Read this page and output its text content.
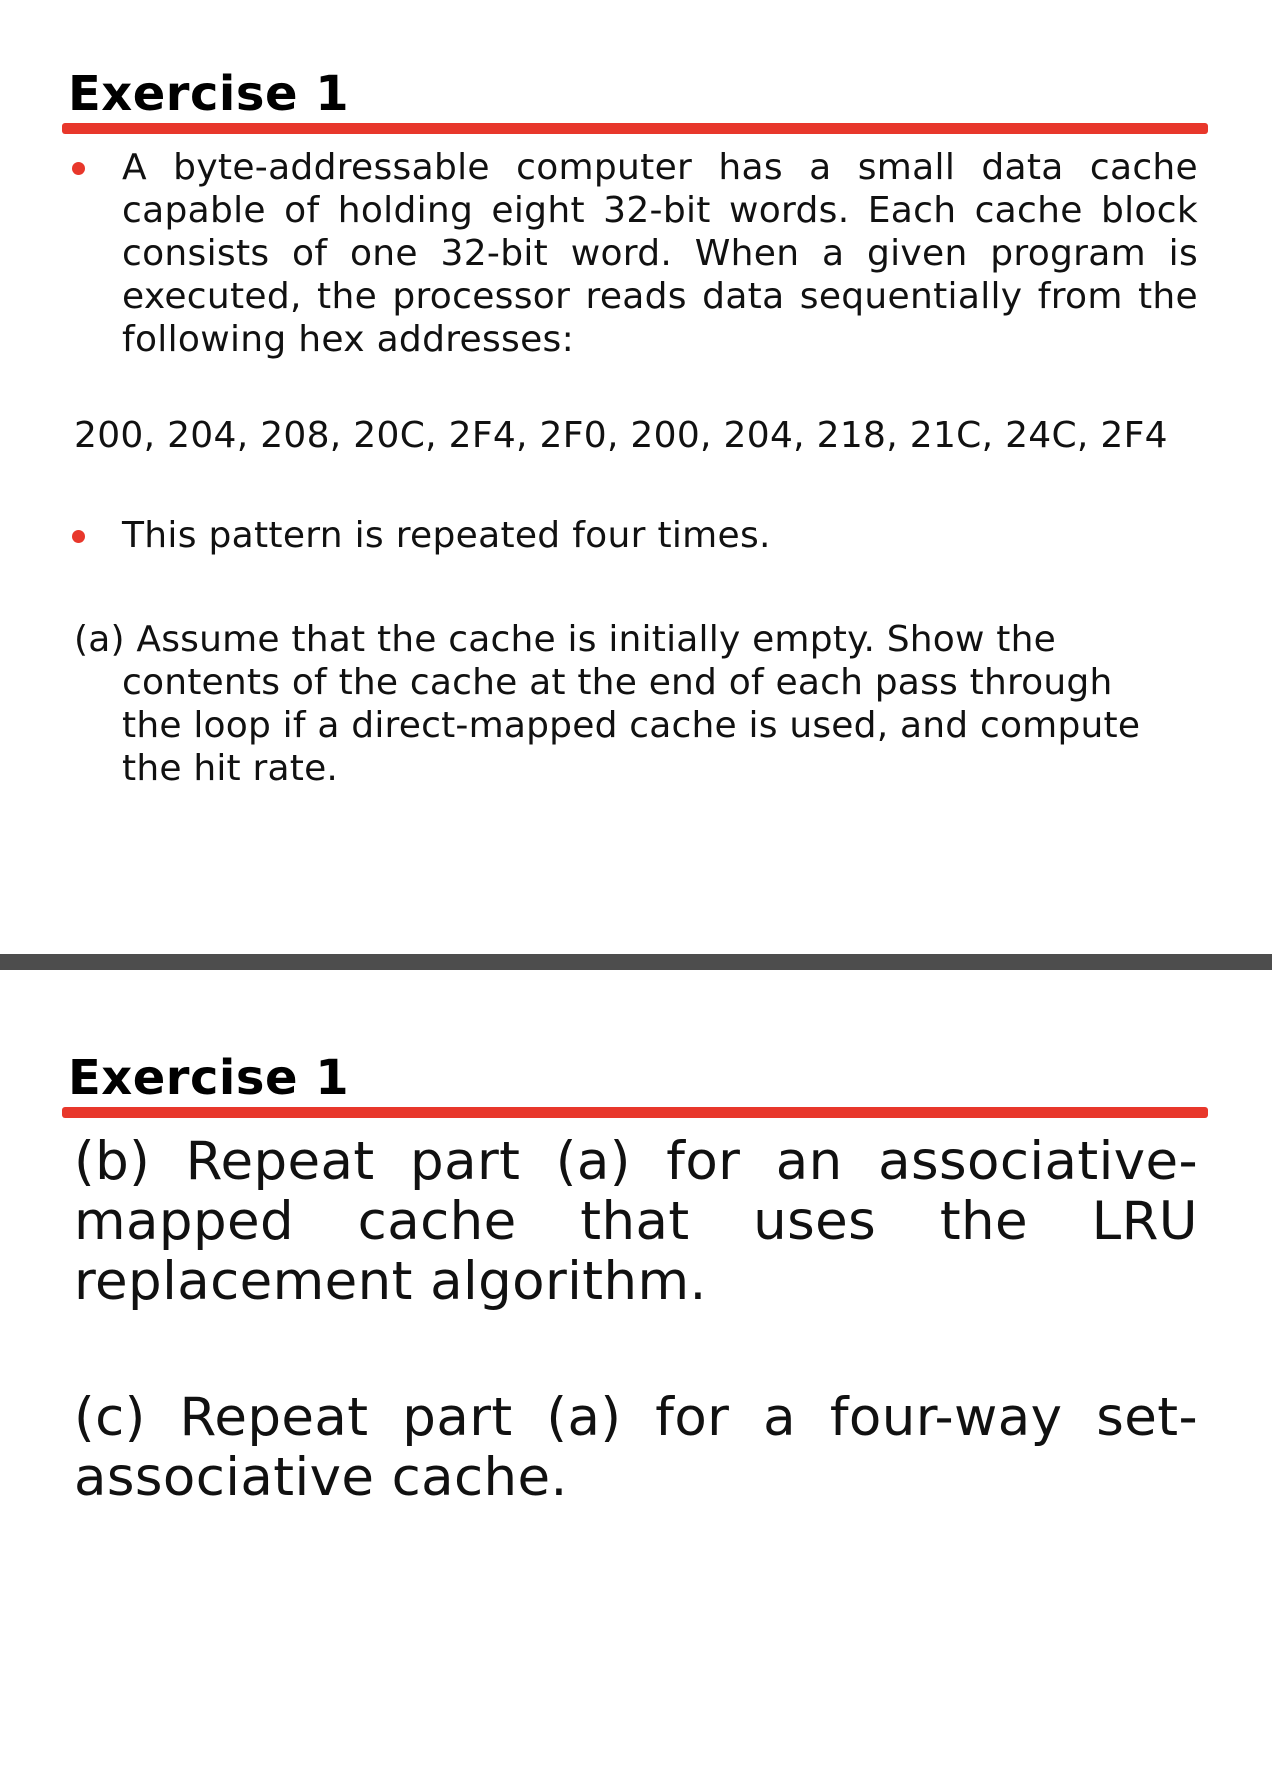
Exercise 1
A byte-addressable computer has a small data cache capable of holding eight 32-bit words. Each cache block consists of one 32-bit word. When a given program is executed, the processor reads data sequentially from the following hex addresses:
200, 204, 208, 20C, 2F4, 2F0, 200, 204, 218, 21C, 24C, 2F4
This pattern is repeated four times.
(a) Assume that the cache is initially empty. Show the contents of the cache at the end of each pass through the loop if a direct-mapped cache is used, and compute the hit rate.
Exercise 1
(b) Repeat part (a) for an associative-mapped cache that uses the LRU replacement algorithm.
(c) Repeat part (a) for a four-way set-associative cache.
